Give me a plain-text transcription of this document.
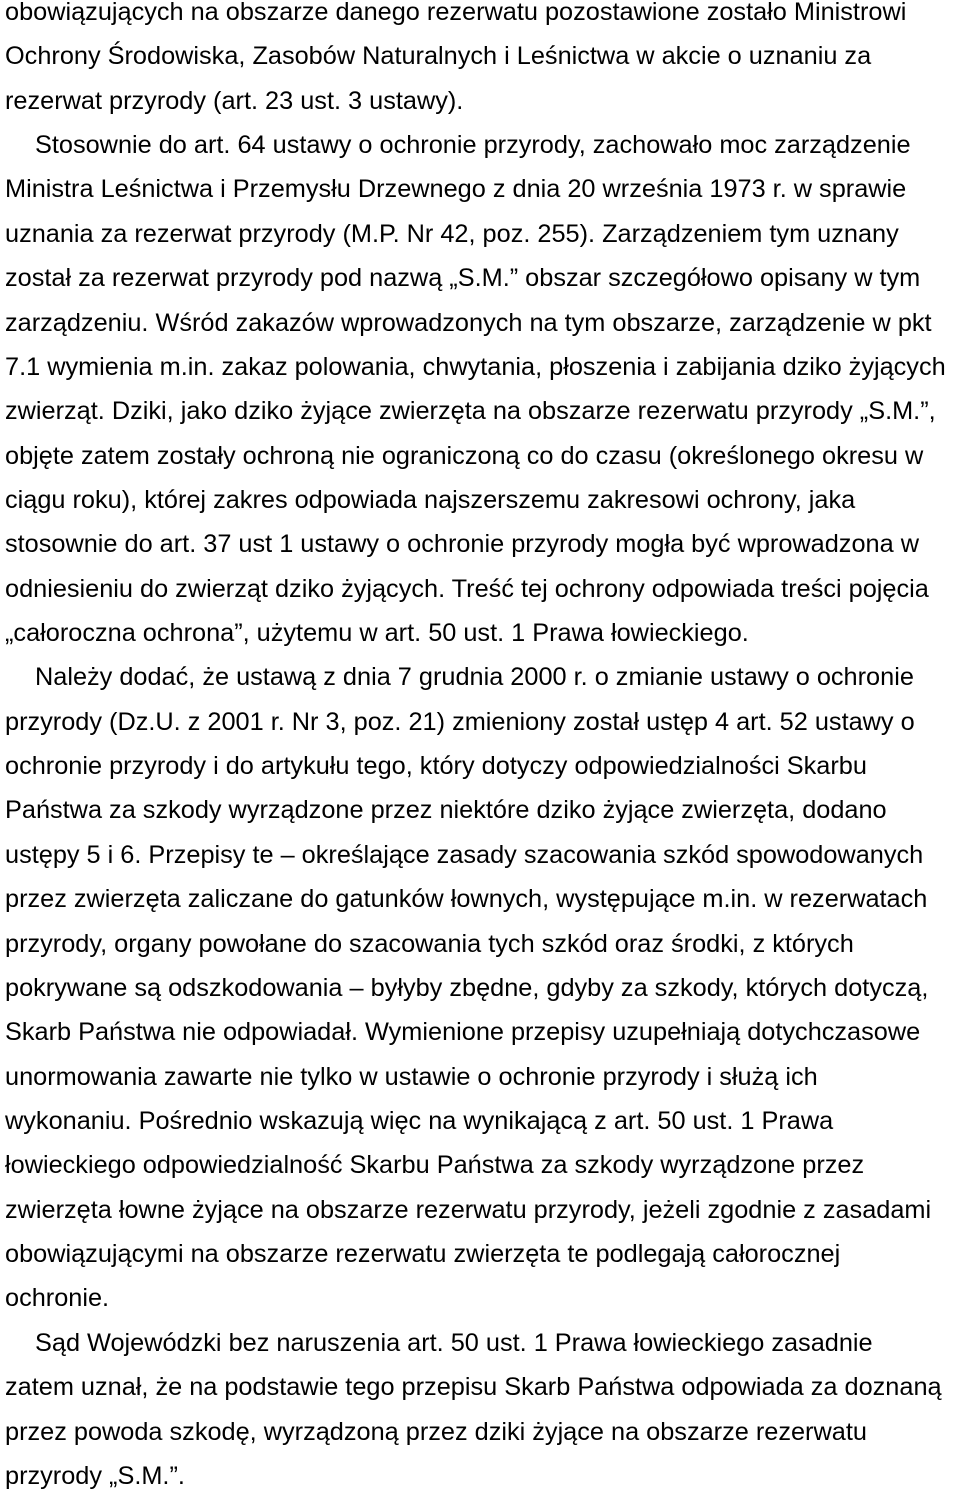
obowiązujących na obszarze danego rezerwatu pozostawione zostało Ministrowi
Ochrony Środowiska, Zasobów Naturalnych i Leśnictwa w akcie o uznaniu za
rezerwat przyrody (art. 23 ust. 3 ustawy).
Stosownie do art. 64 ustawy o ochronie przyrody, zachowało moc zarządzenie
Ministra Leśnictwa i Przemysłu Drzewnego z dnia 20 września 1973 r. w sprawie
uznania za rezerwat przyrody (M.P. Nr 42, poz. 255). Zarządzeniem tym uznany
został za rezerwat przyrody pod nazwą „S.M.” obszar szczegółowo opisany w tym
zarządzeniu. Wśród zakazów wprowadzonych na tym obszarze, zarządzenie w pkt
7.1 wymienia m.in. zakaz polowania, chwytania, płoszenia i zabijania dziko żyjących
zwierząt. Dziki, jako dziko żyjące zwierzęta na obszarze rezerwatu przyrody „S.M.”,
objęte zatem zostały ochroną nie ograniczoną co do czasu (określonego okresu w
ciągu roku), której zakres odpowiada najszerszemu zakresowi ochrony, jaka
stosownie do art. 37 ust 1 ustawy o ochronie przyrody mogła być wprowadzona w
odniesieniu do zwierząt dziko żyjących. Treść tej ochrony odpowiada treści pojęcia
„całoroczna ochrona”, użytemu w art. 50 ust. 1 Prawa łowieckiego.
Należy dodać, że ustawą z dnia 7 grudnia 2000 r. o zmianie ustawy o ochronie
przyrody (Dz.U. z 2001 r. Nr 3, poz. 21) zmieniony został ustęp 4 art. 52 ustawy o
ochronie przyrody i do artykułu tego, który dotyczy odpowiedzialności Skarbu
Państwa za szkody wyrządzone przez niektóre dziko żyjące zwierzęta, dodano
ustępy 5 i 6. Przepisy te – określające zasady szacowania szkód spowodowanych
przez zwierzęta zaliczane do gatunków łownych, występujące m.in. w rezerwatach
przyrody, organy powołane do szacowania tych szkód oraz środki, z których
pokrywane są odszkodowania – byłyby zbędne, gdyby za szkody, których dotyczą,
Skarb Państwa nie odpowiadał. Wymienione przepisy uzupełniają dotychczasowe
unormowania zawarte nie tylko w ustawie o ochronie przyrody i służą ich
wykonaniu. Pośrednio wskazują więc na wynikającą z art. 50 ust. 1 Prawa
łowieckiego odpowiedzialność Skarbu Państwa za szkody wyrządzone przez
zwierzęta łowne żyjące na obszarze rezerwatu przyrody, jeżeli zgodnie z zasadami
obowiązującymi na obszarze rezerwatu zwierzęta te podlegają całorocznej
ochronie.
Sąd Wojewódzki bez naruszenia art. 50 ust. 1 Prawa łowieckiego zasadnie
zatem uznał, że na podstawie tego przepisu Skarb Państwa odpowiada za doznaną
przez powoda szkodę, wyrządzoną przez dziki żyjące na obszarze rezerwatu
przyrody „S.M.”.
